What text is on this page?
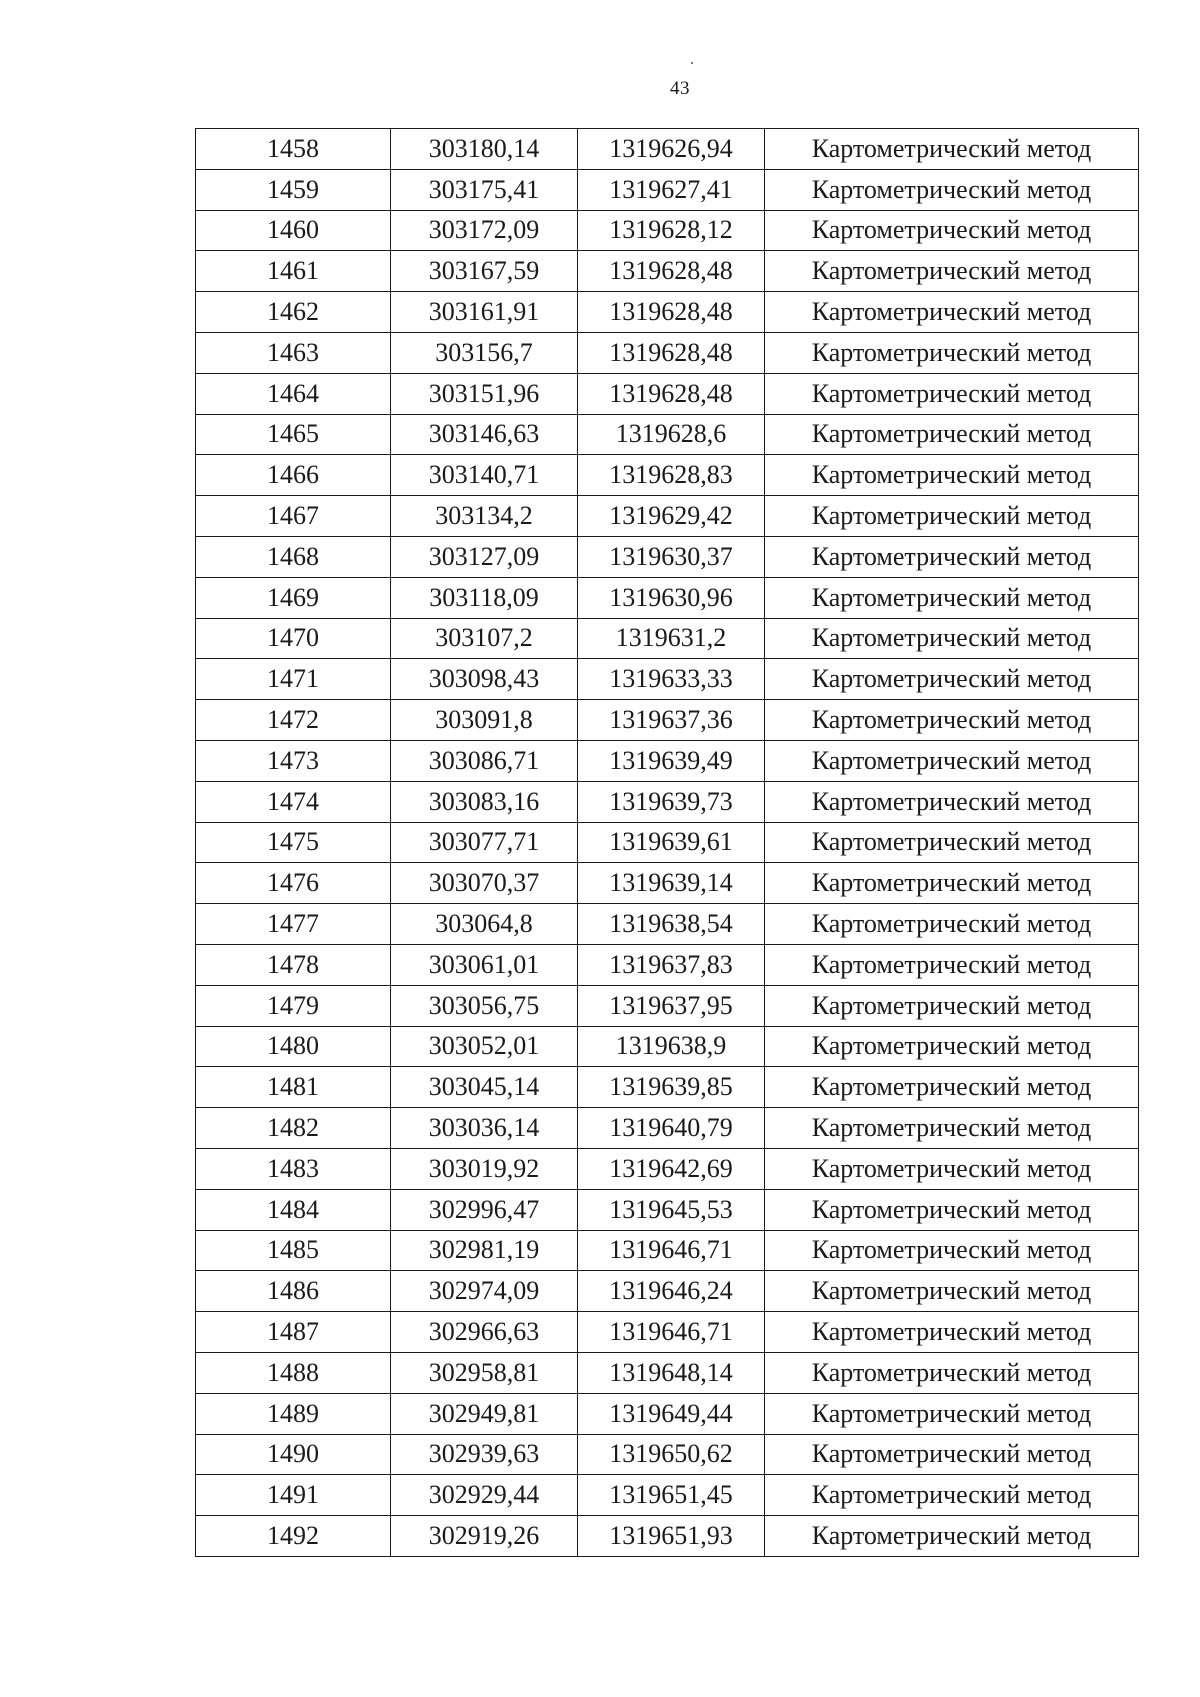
43
1458	303180,14	1319626,94	Картометрический метод
1459	303175,41	1319627,41	Картометрический метод
1460	303172,09	1319628,12	Картометрический метод
1461	303167,59	1319628,48	Картометрический метод
1462	303161,91	1319628,48	Картометрический метод
1463	303156,7	1319628,48	Картометрический метод
1464	303151,96	1319628,48	Картометрический метод
1465	303146,63	1319628,6	Картометрический метод
1466	303140,71	1319628,83	Картометрический метод
1467	303134,2	1319629,42	Картометрический метод
1468	303127,09	1319630,37	Картометрический метод
1469	303118,09	1319630,96	Картометрический метод
1470	303107,2	1319631,2	Картометрический метод
1471	303098,43	1319633,33	Картометрический метод
1472	303091,8	1319637,36	Картометрический метод
1473	303086,71	1319639,49	Картометрический метод
1474	303083,16	1319639,73	Картометрический метод
1475	303077,71	1319639,61	Картометрический метод
1476	303070,37	1319639,14	Картометрический метод
1477	303064,8	1319638,54	Картометрический метод
1478	303061,01	1319637,83	Картометрический метод
1479	303056,75	1319637,95	Картометрический метод
1480	303052,01	1319638,9	Картометрический метод
1481	303045,14	1319639,85	Картометрический метод
1482	303036,14	1319640,79	Картометрический метод
1483	303019,92	1319642,69	Картометрический метод
1484	302996,47	1319645,53	Картометрический метод
1485	302981,19	1319646,71	Картометрический метод
1486	302974,09	1319646,24	Картометрический метод
1487	302966,63	1319646,71	Картометрический метод
1488	302958,81	1319648,14	Картометрический метод
1489	302949,81	1319649,44	Картометрический метод
1490	302939,63	1319650,62	Картометрический метод
1491	302929,44	1319651,45	Картометрический метод
1492	302919,26	1319651,93	Картометрический метод
